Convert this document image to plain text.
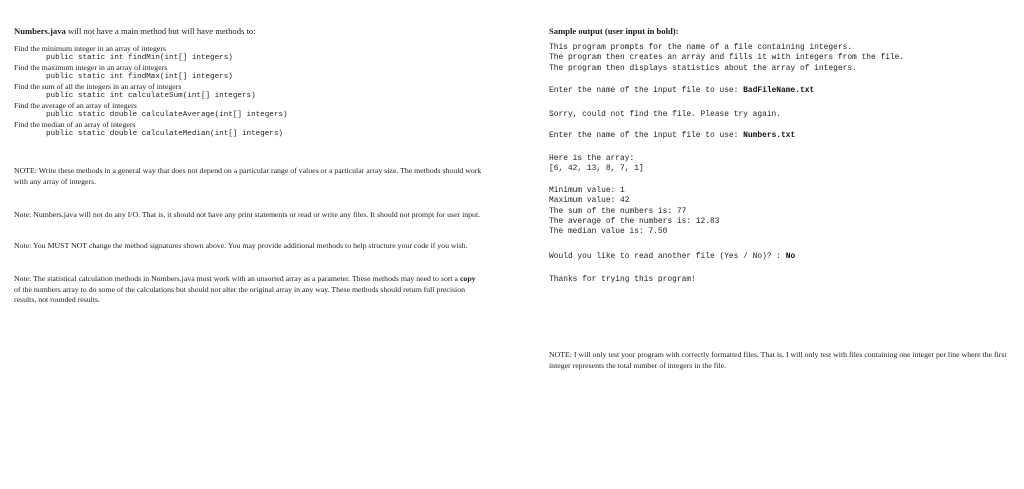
Numbers.java will not have a main method but will have methods to:

Find the minimum integer in an array of integers

public static int findMin(int[] integers)

Find the maximum integer in an array of integers

public static int findMax(int[] integers)

Find the sum of all the integers in an array of integers

public static int calculateSum(int[] integers)

Find the average of an array of integers

public static double calculateAverage(int[] integers)

Find the median of an array of integers

public static double calculateMedian(int[] integers)

NOTE: Write these methods in a general way that does not depend on a particular range of values or a particular array size. The methods should work with any array of integers.

Note: Numbers.java will not do any I/O. That is, it should not have any print statements or read or write any files. It should not prompt for user input.

Note: You MUST NOT change the method signatures shown above. You may provide additional methods to help structure your code if you wish.

Note: The statistical calculation methods in Numbers.java must work with an unsorted array as a parameter. These methods may need to sort a copy of the numbers array to do some of the calculations but should not alter the original array in any way. These methods should return full precision results, not rounded results.

Sample output (user input in bold):

This program prompts for the name of a file containing integers.
The program then creates an array and fills it with integers from the file.
The program then displays statistics about the array of integers.
Enter the name of the input file to use: BadFileName.txt
Sorry, could not find the file. Please try again.
Enter the name of the input file to use: Numbers.txt
Here is the array:
[6, 42, 13, 8, 7, 1]
Minimum value: 1
Maximum value: 42
The sum of the numbers is: 77
The average of the numbers is: 12.83
The median value is: 7.50
Would you like to read another file (Yes / No)? : No
Thanks for trying this program!

NOTE: I will only test your program with correctly formatted files. That is, I will only test with files containing one integer per line where the first integer represents the total number of integers in the file.
